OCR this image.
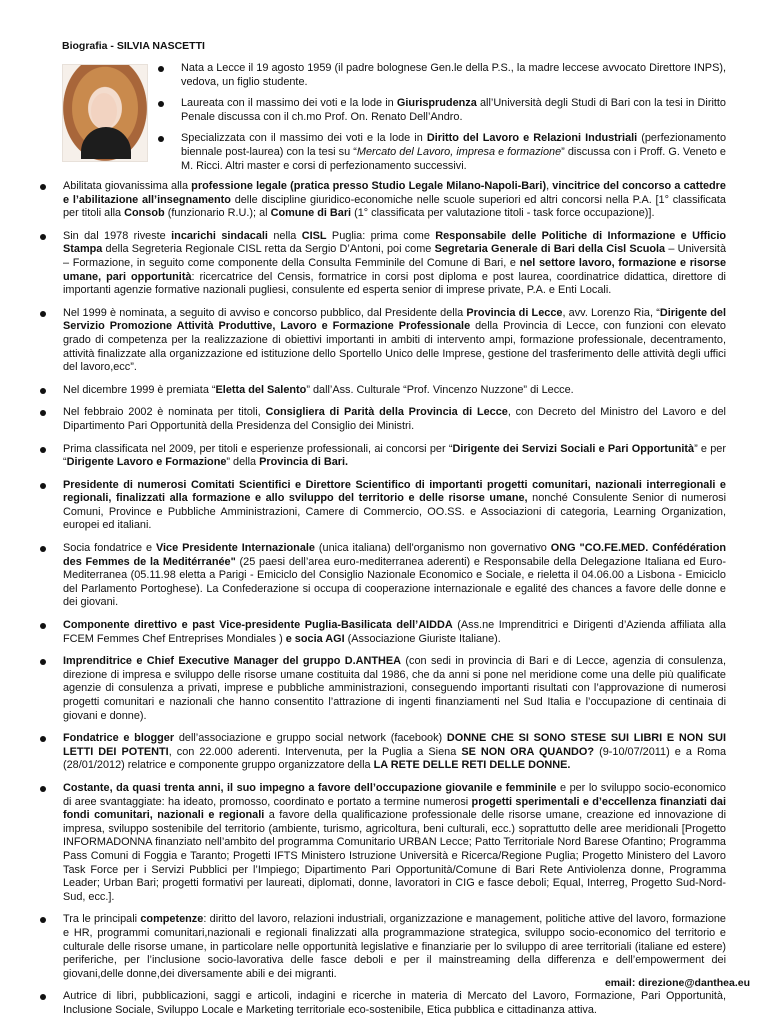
Biografia - SILVIA NASCETTI
Nata a Lecce il 19 agosto 1959 (il padre bolognese Gen.le della P.S., la madre leccese avvocato Direttore INPS), vedova, un figlio studente.
Laureata con il massimo dei voti e la lode in Giurisprudenza all’Università degli Studi di Bari con la tesi in Diritto Penale discussa con il ch.mo Prof. On. Renato Dell’Andro.
Specializzata con il massimo dei voti e la lode in Diritto del Lavoro e Relazioni Industriali (perfezionamento biennale post-laurea) con la tesi su “Mercato del Lavoro, impresa e formazione” discussa con i Proff. G. Veneto e M. Ricci. Altri master e corsi di perfezionamento successivi.
Abilitata giovanissima alla professione legale (pratica presso Studio Legale Milano-Napoli-Bari), vincitrice del concorso a cattedre e l’abilitazione all’insegnamento delle discipline giuridico-economiche nelle scuole superiori ed altri concorsi nella P.A. [1° classificata per titoli alla Consob (funzionario R.U.); al Comune di Bari (1° classificata per valutazione titoli - task force occupazione)].
Sin dal 1978 riveste incarichi sindacali nella CISL Puglia: prima come Responsabile delle Politiche di Informazione e Ufficio Stampa della Segreteria Regionale CISL retta da Sergio D’Antoni, poi come Segretaria Generale di Bari della Cisl Scuola – Università – Formazione, in seguito come componente della Consulta Femminile del Comune di Bari, e nel settore lavoro, formazione e risorse umane, pari opportunità: ricercatrice del Censis, formatrice in corsi post diploma e post laurea, coordinatrice didattica, direttore di importanti agenzie formative nazionali pugliesi, consulente ed esperta senior di imprese private, P.A. e Enti Locali.
Nel 1999 è nominata, a seguito di avviso e concorso pubblico, dal Presidente della Provincia di Lecce, avv. Lorenzo Ria, “Dirigente del Servizio Promozione Attività Produttive, Lavoro e Formazione Professionale della Provincia di Lecce, con funzioni con elevato grado di competenza per la realizzazione di obiettivi importanti in ambiti di intervento ampi, formazione professionale, decentramento, attività finalizzate alla organizzazione ed istituzione dello Sportello Unico delle Imprese, gestione del trasferimento delle attività degli uffici del lavoro,ecc”.
Nel dicembre 1999 è premiata “Eletta del Salento” dall’Ass. Culturale “Prof. Vincenzo Nuzzone” di Lecce.
Nel febbraio 2002 è nominata per titoli, Consigliera di Parità della Provincia di Lecce, con Decreto del Ministro del Lavoro e del Dipartimento Pari Opportunità della Presidenza del Consiglio dei Ministri.
Prima classificata nel 2009, per titoli e esperienze professionali, ai concorsi per “Dirigente dei Servizi Sociali e Pari Opportunità” e per “Dirigente Lavoro e Formazione” della Provincia di Bari.
Presidente di numerosi Comitati Scientifici e Direttore Scientifico di importanti progetti comunitari, nazionali interregionali e regionali, finalizzati alla formazione e allo sviluppo del territorio e delle risorse umane, nonché Consulente Senior di numerosi Comuni, Province e Pubbliche Amministrazioni, Camere di Commercio, OO.SS. e Associazioni di categoria, Learning Organization, europei ed italiani.
Socia fondatrice e Vice Presidente Internazionale (unica italiana) dell'organismo non governativo ONG "CO.FE.MED. Confédération des Femmes de la Meditérranée" (25 paesi dell’area euro-mediterranea aderenti) e Responsabile della Delegazione Italiana ed Euro-Mediterranea (05.11.98 eletta a Parigi - Emiciclo del Consiglio Nazionale Economico e Sociale, e rieletta il 04.06.00 a Lisbona - Emiciclo del Parlamento Portoghese). La Confederazione si occupa di cooperazione internazionale e egalité des chances a favore delle donne e dei giovani.
Componente direttivo e past Vice-presidente Puglia-Basilicata dell’AIDDA (Ass.ne Imprenditrici e Dirigenti d’Azienda affiliata alla FCEM Femmes Chef Entreprises Mondiales ) e socia AGI (Associazione Giuriste Italiane).
Imprenditrice e Chief Executive Manager del gruppo D.ANTHEA (con sedi in provincia di Bari e di Lecce, agenzia di consulenza, direzione di impresa e sviluppo delle risorse umane costituita dal 1986, che da anni si pone nel meridione come una delle più qualificate agenzie di consulenza a privati, imprese e pubbliche amministrazioni, conseguendo importanti risultati con l’approvazione di numerosi progetti comunitari e nazionali che hanno consentito l’attrazione di ingenti finanziamenti nel Sud Italia e l’occupazione di centinaia di giovani e donne).
Fondatrice e blogger dell’associazione e gruppo social network (facebook) DONNE CHE SI SONO STESE SUI LIBRI E NON SUI LETTI DEI POTENTI, con 22.000 aderenti. Intervenuta, per la Puglia a Siena SE NON ORA QUANDO? (9-10/07/2011) e a Roma (28/01/2012) relatrice e componente gruppo organizzatore della LA RETE DELLE RETI DELLE DONNE.
Costante, da quasi trenta anni, il suo impegno a favore dell’occupazione giovanile e femminile e per lo sviluppo socio-economico di aree svantaggiate: ha ideato, promosso, coordinato e portato a termine numerosi progetti sperimentali e d’eccellenza finanziati dai fondi comunitari, nazionali e regionali a favore della qualificazione professionale delle risorse umane, creazione ed innovazione di impresa, sviluppo sostenibile del territorio (ambiente, turismo, agricoltura, beni culturali, ecc.) soprattutto delle aree meridionali [Progetto INFORMADONNA finanziato nell’ambito del programma Comunitario URBAN Lecce; Patto Territoriale Nord Barese Ofantino; Programma Pass Comuni di Foggia e Taranto; Progetti IFTS Ministero Istruzione Università e Ricerca/Regione Puglia; Progetto Ministero del Lavoro Task Force per i Servizi Pubblici per l’Impiego; Dipartimento Pari Opportunità/Comune di Bari Rete Antiviolenza donne, Programma Leader; Urban Bari; progetti formativi per laureati, diplomati, donne, lavoratori in CIG e fasce deboli; Equal, Interreg, Progetto Sud-Nord-Sud, ecc.].
Tra le principali competenze: diritto del lavoro, relazioni industriali, organizzazione e management, politiche attive del lavoro, formazione e HR, programmi comunitari,nazionali e regionali finalizzati alla programmazione strategica, sviluppo socio-economico del territorio e culturale delle risorse umane, in particolare nelle opportunità legislative e finanziarie per lo sviluppo di aree territoriali (italiane ed estere) periferiche, per l’inclusione socio-lavorativa delle fasce deboli e per il mainstreaming della differenza e dell’empowerment dei giovani,delle donne,dei diversamente abili e dei migranti.
Autrice di libri, pubblicazioni, saggi e articoli, indagini e ricerche in materia di Mercato del Lavoro, Formazione, Pari Opportunità, Inclusione Sociale, Sviluppo Locale e Marketing territoriale eco-sostenibile, Etica pubblica e cittadinanza attiva.
email: direzione@danthea.eu
